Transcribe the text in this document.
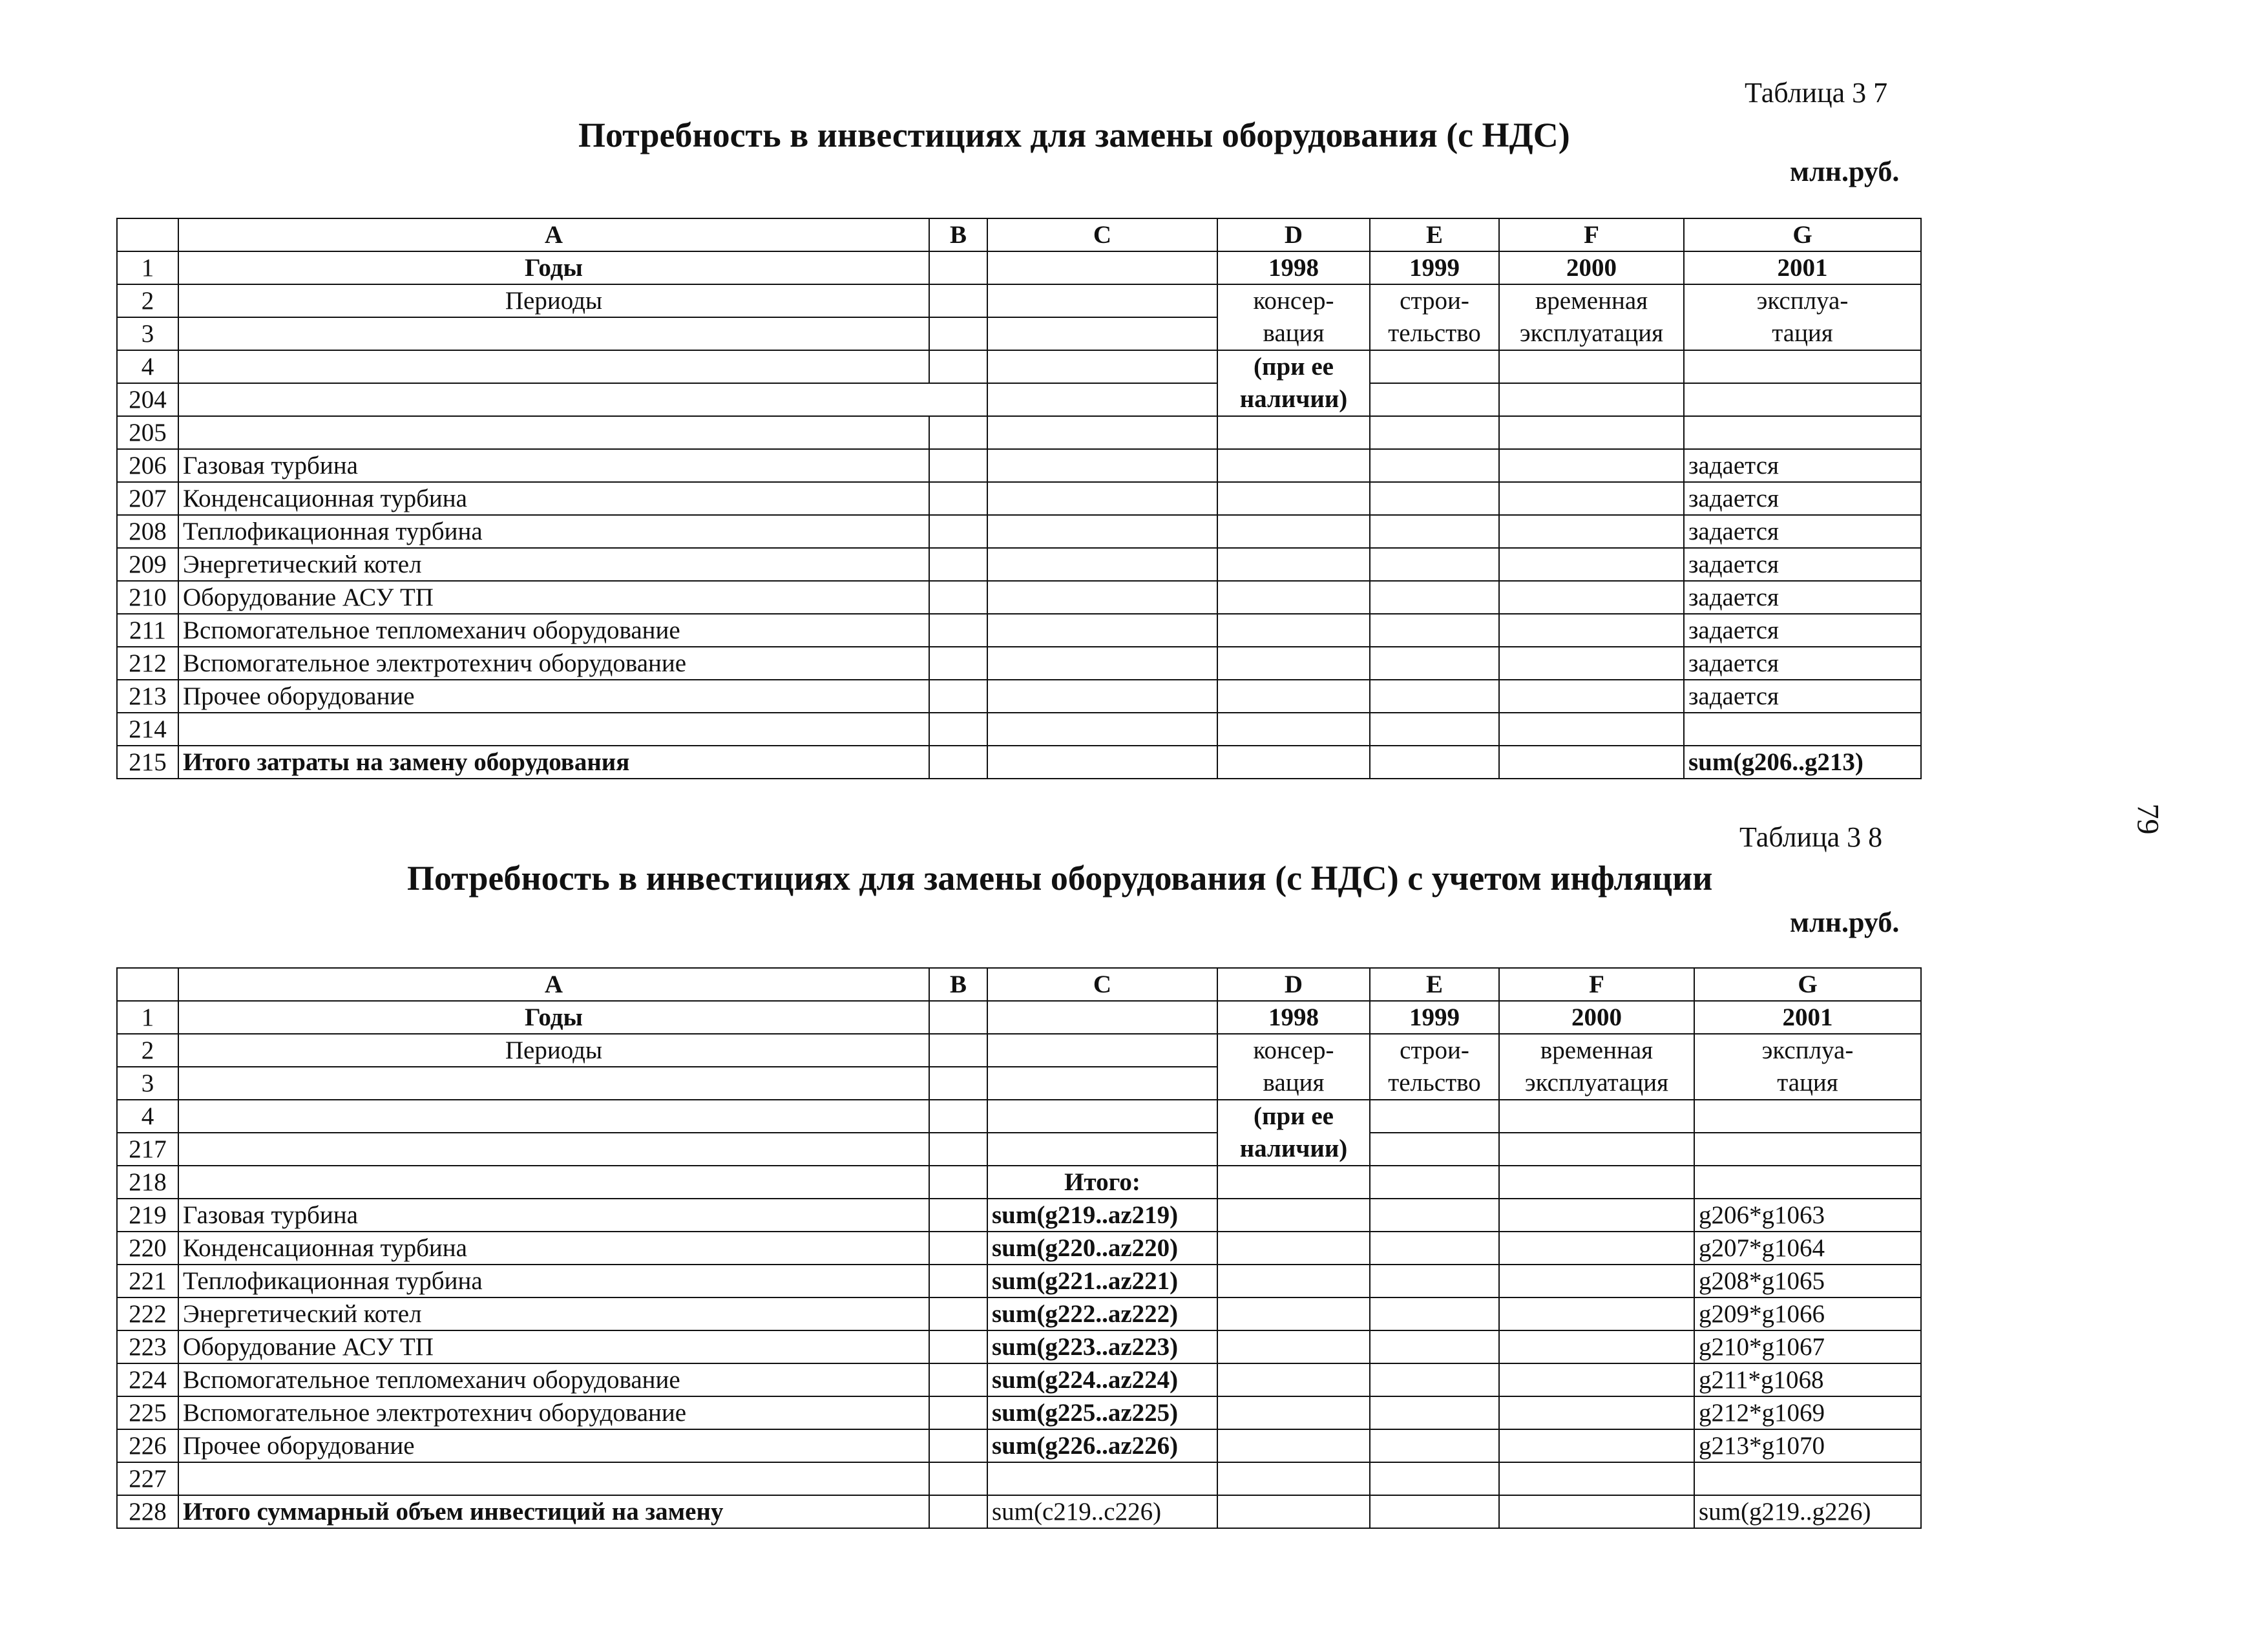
Таблица 3 7
Потребность в инвестициях для замены оборудования (с НДС)
млн.руб.
	A	B	C	D	E	F	G
1	Годы			1998	1999	2000	2001
2	Периоды			консер-	строи-	временная	эксплуа-
3				вация	тельство	эксплуатация	тация
4				(при ее			
204				наличии)			
205							
206	Газовая турбина						задается
207	Конденсационная турбина						задается
208	Теплофикационная турбина						задается
209	Энергетический котел						задается
210	Оборудование АСУ ТП						задается
211	Вспомогательное тепломеханич оборудование						задается
212	Вспомогательное электротехнич оборудование						задается
213	Прочее оборудование						задается
214							
215	Итого затраты на замену оборудования						sum(g206..g213)
79
Таблица 3 8
Потребность в инвестициях для замены оборудования (с НДС) с учетом инфляции
млн.руб.
	A	B	C	D	E	F	G
1	Годы			1998	1999	2000	2001
2	Периоды			консер-	строи-	временная	эксплуа-
3				вация	тельство	эксплуатация	тация
4				(при ее			
217				наличии)			
218			Итого:				
219	Газовая турбина		sum(g219..az219)				g206*g1063
220	Конденсационная турбина		sum(g220..az220)				g207*g1064
221	Теплофикационная турбина		sum(g221..az221)				g208*g1065
222	Энергетический котел		sum(g222..az222)				g209*g1066
223	Оборудование АСУ ТП		sum(g223..az223)				g210*g1067
224	Вспомогательное тепломеханич оборудование		sum(g224..az224)				g211*g1068
225	Вспомогательное электротехнич оборудование		sum(g225..az225)				g212*g1069
226	Прочее оборудование		sum(g226..az226)				g213*g1070
227							
228	Итого суммарный объем инвестиций на замену		sum(c219..c226)				sum(g219..g226)
